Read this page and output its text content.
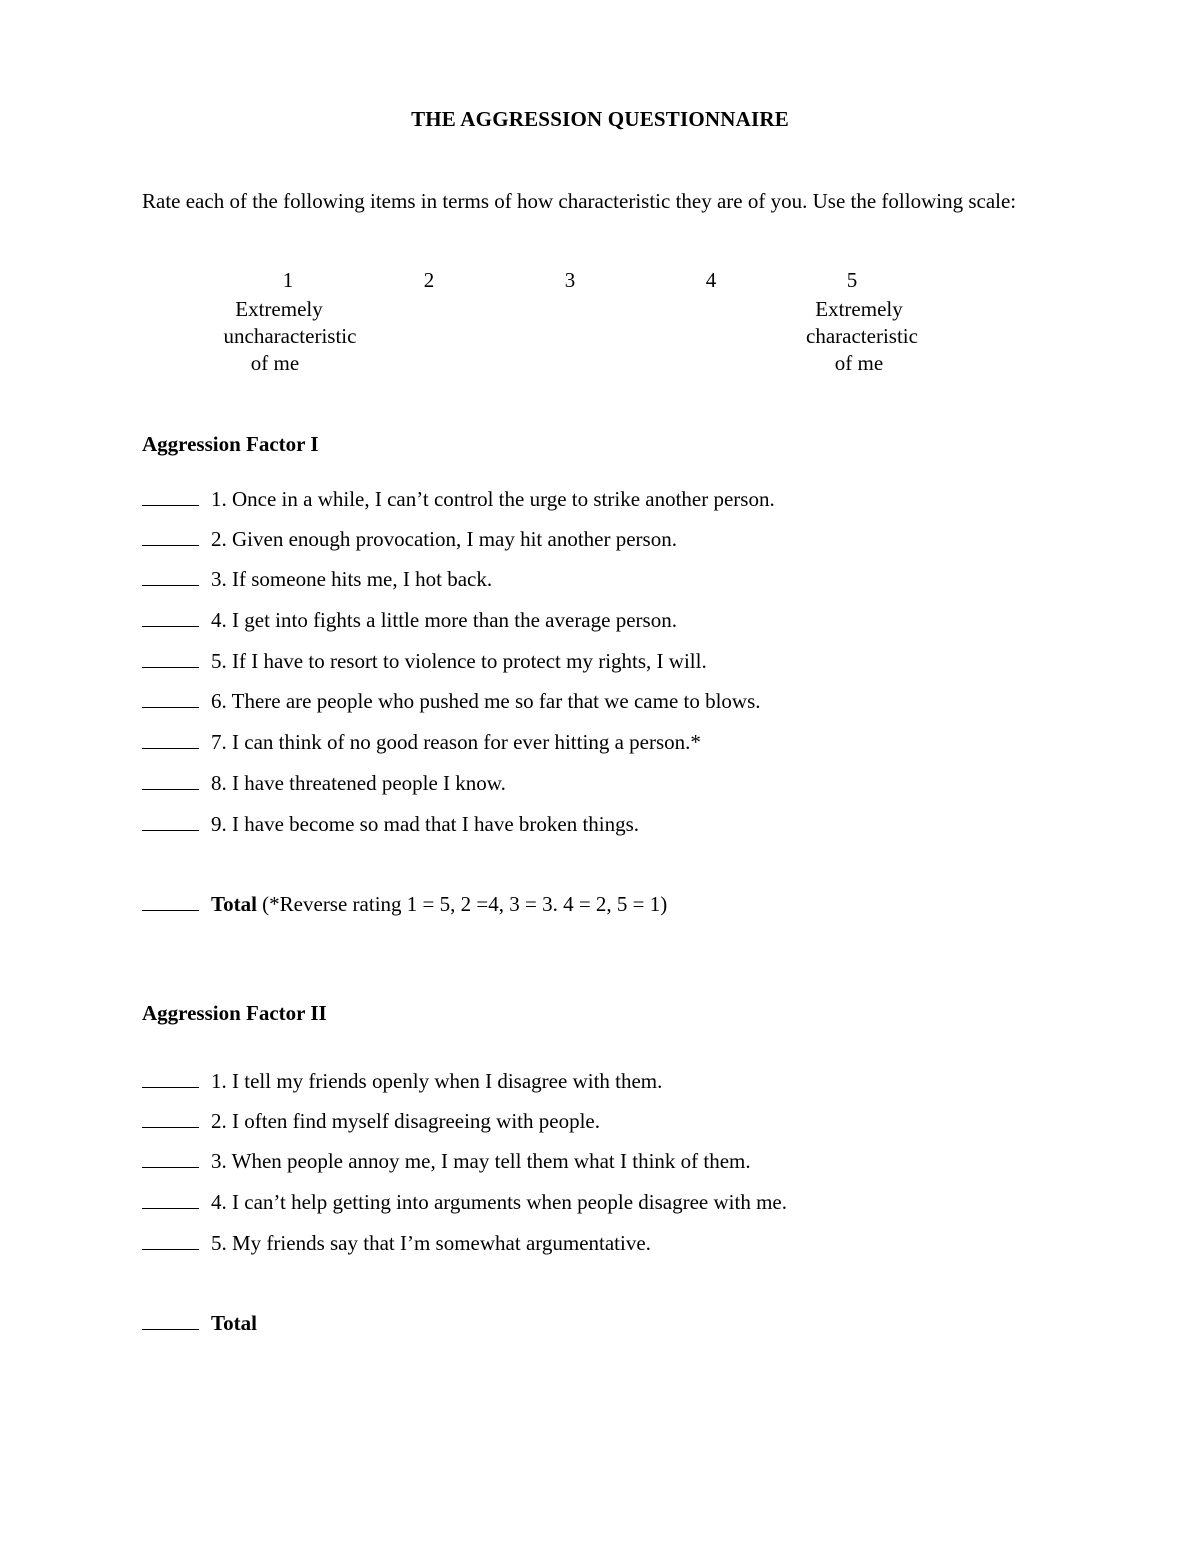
THE AGGRESSION QUESTIONNAIRE
Rate each of the following items in terms of how characteristic they are of you. Use the following scale:
1	2	3	4	5
Extremely
uncharacteristic
of me
Extremely
characteristic
of me
Aggression Factor I
1. Once in a while, I can’t control the urge to strike another person.
2. Given enough provocation, I may hit another person.
3. If someone hits me, I hot back.
4. I get into fights a little more than the average person.
5. If I have to resort to violence to protect my rights, I will.
6. There are people who pushed me so far that we came to blows.
7. I can think of no good reason for ever hitting a person.*
8. I have threatened people I know.
9. I have become so mad that I have broken things.
Total (*Reverse rating 1 = 5, 2 =4, 3 = 3. 4 = 2, 5 = 1)
Aggression Factor II
1. I tell my friends openly when I disagree with them.
2. I often find myself disagreeing with people.
3. When people annoy me, I may tell them what I think of them.
4. I can’t help getting into arguments when people disagree with me.
5. My friends say that I’m somewhat argumentative.
Total
